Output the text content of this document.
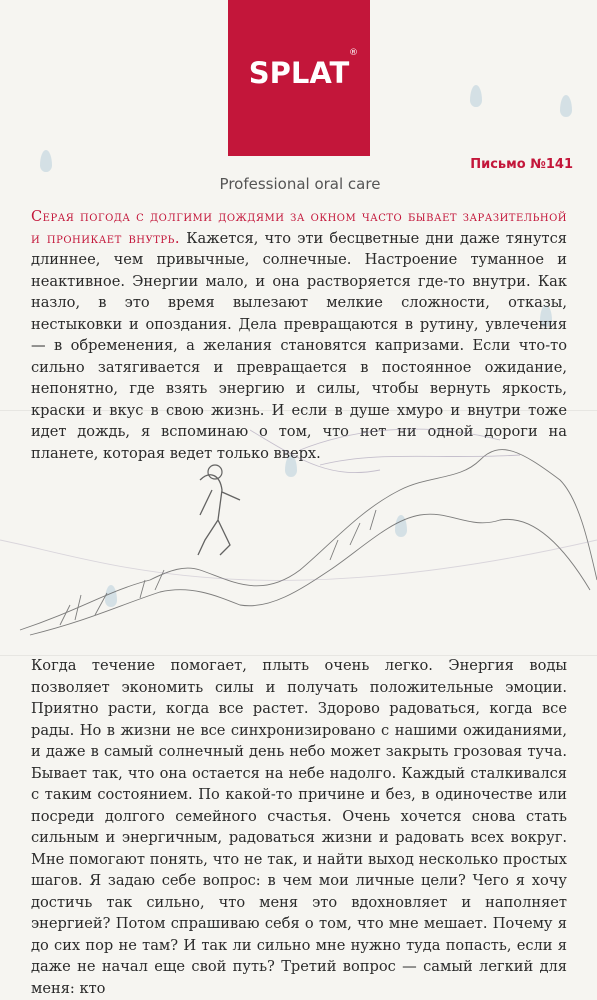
SPLAT
®
Professional oral care
Письмо №141
Серая погода с долгими дождями за окном часто бывает заразительной и проникает внутрь. Кажется, что эти бесцветные дни даже тянутся длиннее, чем привычные, солнечные. Настроение туманное и неактивное. Энергии мало, и она растворяется где-то внутри. Как назло, в это время вылезают мелкие сложности, отказы, нестыковки и опоздания. Дела превращаются в рутину, увлечения — в обременения, а желания становятся капризами. Если что-то сильно затягивается и превращается в постоянное ожидание, непонятно, где взять энергию и силы, чтобы вернуть яркость, краски и вкус в свою жизнь. И если в душе хмуро и внутри тоже идет дождь, я вспоминаю о том, что нет ни одной дороги на планете, которая ведет только вверх.
Когда течение помогает, плыть очень легко. Энергия воды позволяет экономить силы и получать положительные эмоции. Приятно расти, когда все растет. Здорово радоваться, когда все рады. Но в жизни не все синхронизировано с нашими ожиданиями, и даже в самый солнечный день небо может закрыть грозовая туча. Бывает так, что она остается на небе надолго. Каждый сталкивался с таким состоянием. По какой-то причине и без, в одиночестве или посреди долгого семейного счастья. Очень хочется снова стать сильным и энергичным, радоваться жизни и радовать всех вокруг. Мне помогают понять, что не так, и найти выход несколько простых шагов. Я задаю себе вопрос: в чем мои личные цели? Чего я хочу достичь так сильно, что меня это вдохновляет и наполняет энергией? Потом спрашиваю себя о том, что мне мешает. Почему я до сих пор не там? И так ли сильно мне нужно туда попасть, если я даже не начал еще свой путь? Третий вопрос — самый легкий для меня: кто
